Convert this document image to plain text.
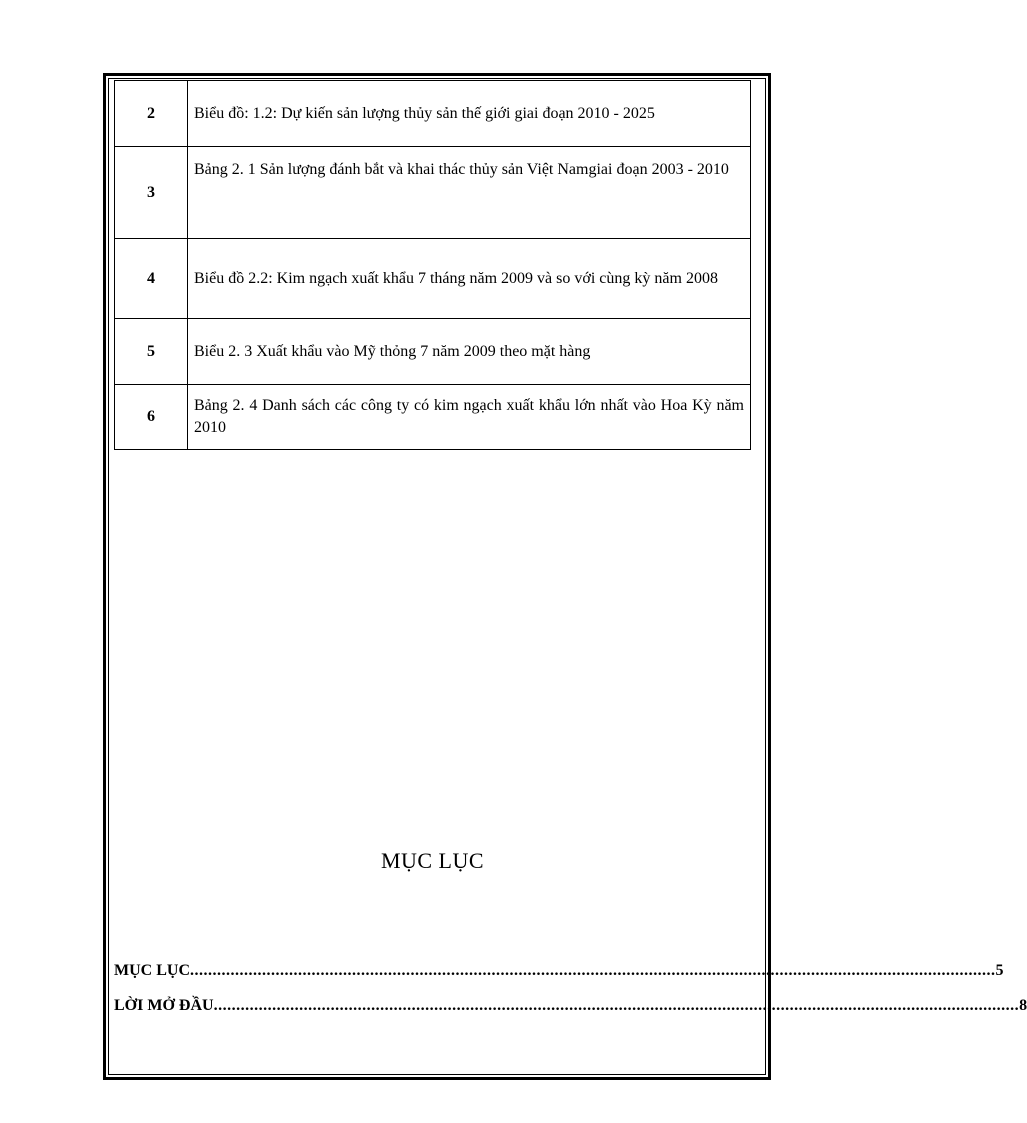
2	Biểu đồ: 1.2: Dự kiến sản lượng thủy sản thế giới giai đoạn 2010 - 2025
3	Bảng 2. 1 Sản lượng đánh bắt và khai thác thủy sản Việt Namgiai đoạn 2003 - 2010
4	Biểu đồ 2.2: Kim ngạch xuất khẩu 7 tháng năm 2009 và so với cùng kỳ năm 2008
5	Biểu 2. 3 Xuất khẩu vào Mỹ thỏng 7 năm 2009 theo mặt hàng
6	Bảng 2. 4 Danh sách các công ty có kim ngạch xuất khẩu lớn nhất vào Hoa Kỳ năm 2010
MỤC LỤC
MỤC LỤC ................................................................................................................................................................................... 5
LỜI MỞ ĐẦU ................................................................................................................................................................................... 8
